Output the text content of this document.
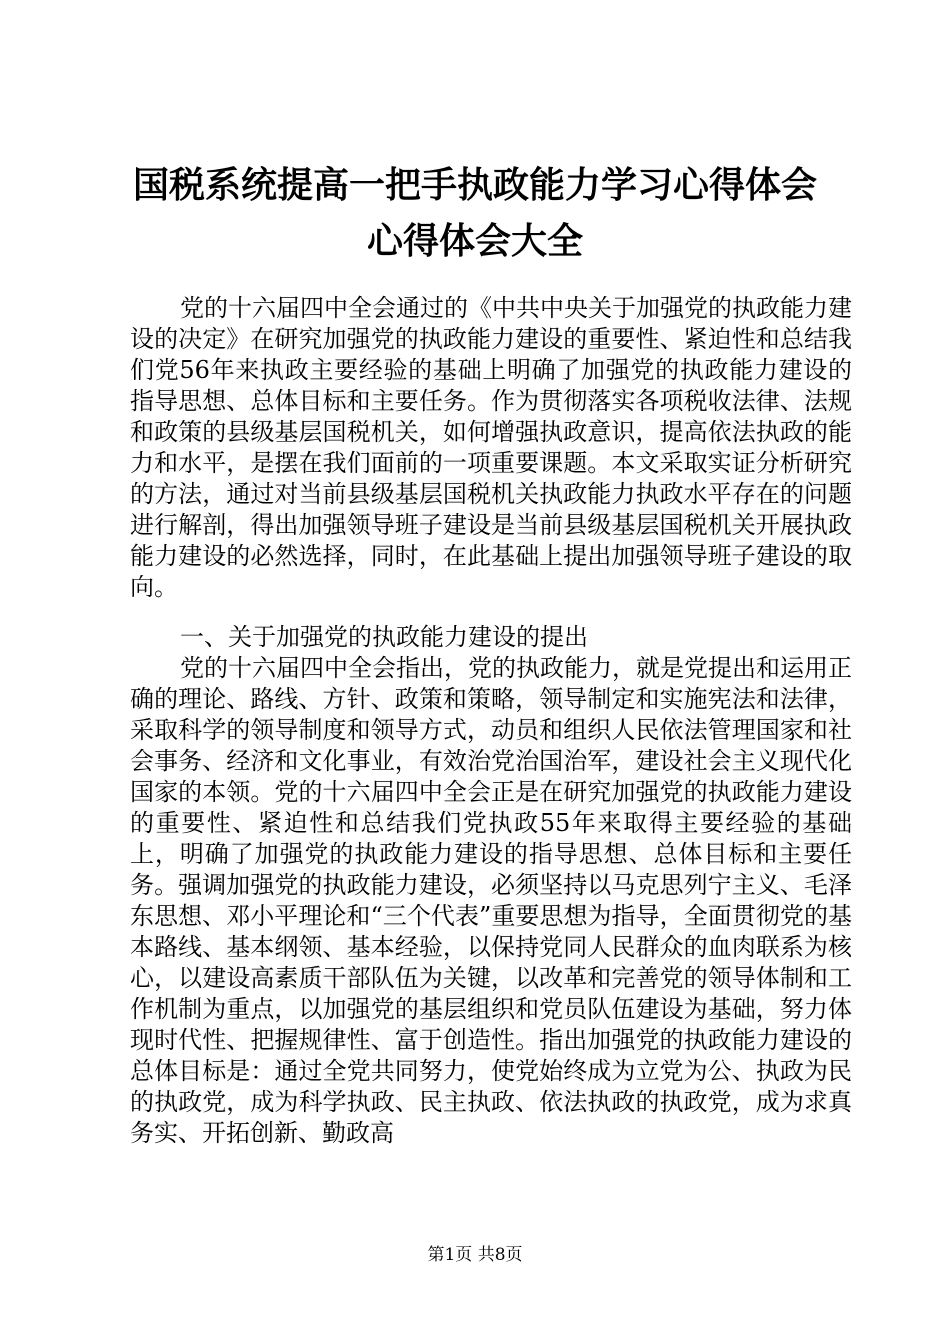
国税系统提高一把手执政能力学习心得体会心得体会大全

党的十六届四中全会通过的《中共中央关于加强党的执政能力建设的决定》在研究加强党的执政能力建设的重要性、紧迫性和总结我们党56年来执政主要经验的基础上明确了加强党的执政能力建设的指导思想、总体目标和主要任务。作为贯彻落实各项税收法律、法规和政策的县级基层国税机关，如何增强执政意识，提高依法执政的能力和水平，是摆在我们面前的一项重要课题。本文采取实证分析研究的方法，通过对当前县级基层国税机关执政能力执政水平存在的问题进行解剖，得出加强领导班子建设是当前县级基层国税机关开展执政能力建设的必然选择，同时，在此基础上提出加强领导班子建设的取向。

一、关于加强党的执政能力建设的提出

党的十六届四中全会指出，党的执政能力，就是党提出和运用正确的理论、路线、方针、政策和策略，领导制定和实施宪法和法律，采取科学的领导制度和领导方式，动员和组织人民依法管理国家和社会事务、经济和文化事业，有效治党治国治军，建设社会主义现代化国家的本领。党的十六届四中全会正是在研究加强党的执政能力建设的重要性、紧迫性和总结我们党执政55年来取得主要经验的基础上，明确了加强党的执政能力建设的指导思想、总体目标和主要任务。强调加强党的执政能力建设，必须坚持以马克思列宁主义、毛泽东思想、邓小平理论和“三个代表”重要思想为指导，全面贯彻党的基本路线、基本纲领、基本经验，以保持党同人民群众的血肉联系为核心，以建设高素质干部队伍为关键，以改革和完善党的领导体制和工作机制为重点，以加强党的基层组织和党员队伍建设为基础，努力体现时代性、把握规律性、富于创造性。指出加强党的执政能力建设的总体目标是：通过全党共同努力，使党始终成为立党为公、执政为民的执政党，成为科学执政、民主执政、依法执政的执政党，成为求真务实、开拓创新、勤政高

第1页 共8页
